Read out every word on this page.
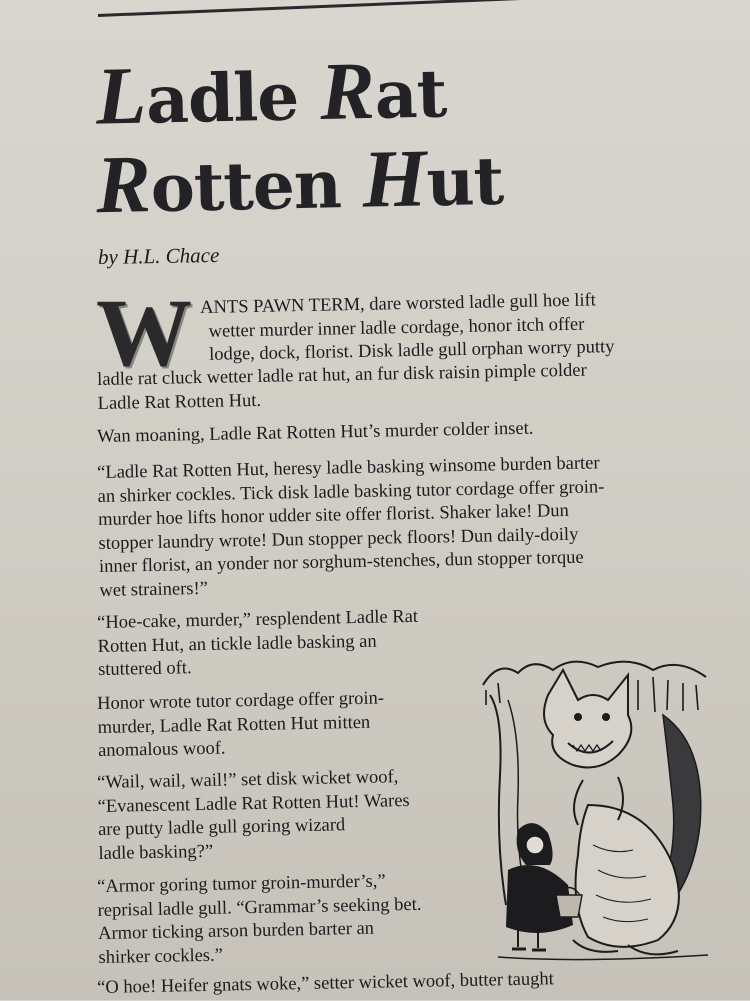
Ladle Rat
Rotten Hut
by H.L. Chace
W ANTS PAWN TERM, dare worsted ladle gull hoe lift
wetter murder inner ladle cordage, honor itch offer
lodge, dock, florist. Disk ladle gull orphan worry putty
ladle rat cluck wetter ladle rat hut, an fur disk raisin pimple colder
Ladle Rat Rotten Hut.
Wan moaning, Ladle Rat Rotten Hut’s murder colder inset.
“Ladle Rat Rotten Hut, heresy ladle basking winsome burden barter
an shirker cockles. Tick disk ladle basking tutor cordage offer groin-
murder hoe lifts honor udder site offer florist. Shaker lake! Dun
stopper laundry wrote! Dun stopper peck floors! Dun daily-doily
inner florist, an yonder nor sorghum-stenches, dun stopper torque
wet strainers!”
“Hoe-cake, murder,” resplendent Ladle Rat
Rotten Hut, an tickle ladle basking an
stuttered oft.
Honor wrote tutor cordage offer groin-
murder, Ladle Rat Rotten Hut mitten
anomalous woof.
“Wail, wail, wail!” set disk wicket woof,
“Evanescent Ladle Rat Rotten Hut! Wares
are putty ladle gull goring wizard
ladle basking?”
“Armor goring tumor groin-murder’s,”
reprisal ladle gull. “Grammar’s seeking bet.
Armor ticking arson burden barter an
shirker cockles.”
“O hoe! Heifer gnats woke,” setter wicket woof, butter taught
